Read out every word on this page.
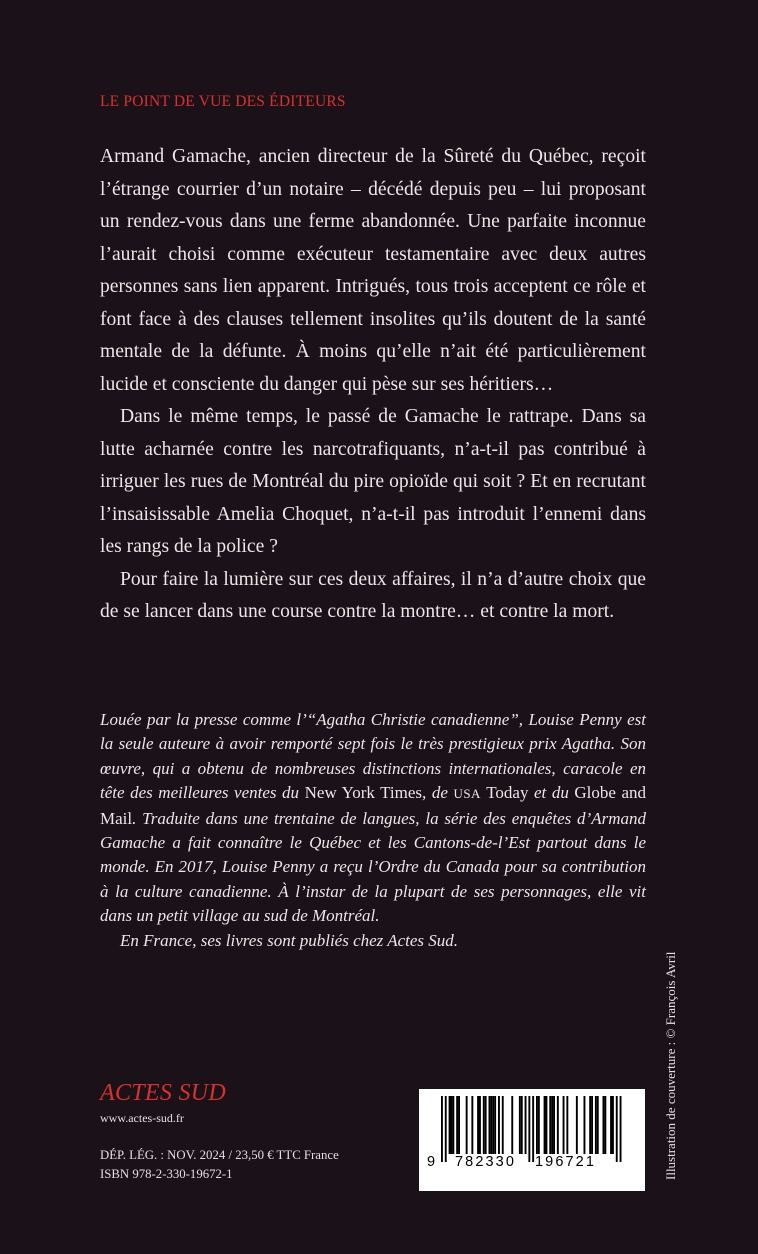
LE POINT DE VUE DES ÉDITEURS

Armand Gamache, ancien directeur de la Sûreté du Québec, reçoit l’étrange courrier d’un notaire – décédé depuis peu – lui proposant un rendez-vous dans une ferme abandonnée. Une parfaite inconnue l’aurait choisi comme exécuteur testamentaire avec deux autres personnes sans lien apparent. Intrigués, tous trois acceptent ce rôle et font face à des clauses tellement insolites qu’ils doutent de la santé mentale de la défunte. À moins qu’elle n’ait été particulièrement lucide et consciente du danger qui pèse sur ses héritiers…

Dans le même temps, le passé de Gamache le rattrape. Dans sa lutte acharnée contre les narcotrafiquants, n’a-t-il pas contribué à irriguer les rues de Montréal du pire opioïde qui soit ? Et en recrutant l’insaisissable Amelia Choquet, n’a-t-il pas introduit l’ennemi dans les rangs de la police ?

Pour faire la lumière sur ces deux affaires, il n’a d’autre choix que de se lancer dans une course contre la montre… et contre la mort.

Louée par la presse comme l’“Agatha Christie canadienne”, Louise Penny est la seule auteure à avoir remporté sept fois le très prestigieux prix Agatha. Son œuvre, qui a obtenu de nombreuses distinctions internationales, caracole en tête des meilleures ventes du New York Times, de USA Today et du Globe and Mail. Traduite dans une trentaine de langues, la série des enquêtes d’Armand Gamache a fait connaître le Québec et les Cantons-de-l’Est partout dans le monde. En 2017, Louise Penny a reçu l’Ordre du Canada pour sa contribution à la culture canadienne. À l’instar de la plupart de ses personnages, elle vit dans un petit village au sud de Montréal.

En France, ses livres sont publiés chez Actes Sud.

Illustration de couverture : © François Avril
ACTES SUD
www.actes-sud.fr
DÉP. LÉG. : NOV. 2024 / 23,50 € TTC France
ISBN 978-2-330-19672-1
9 782330 196721
